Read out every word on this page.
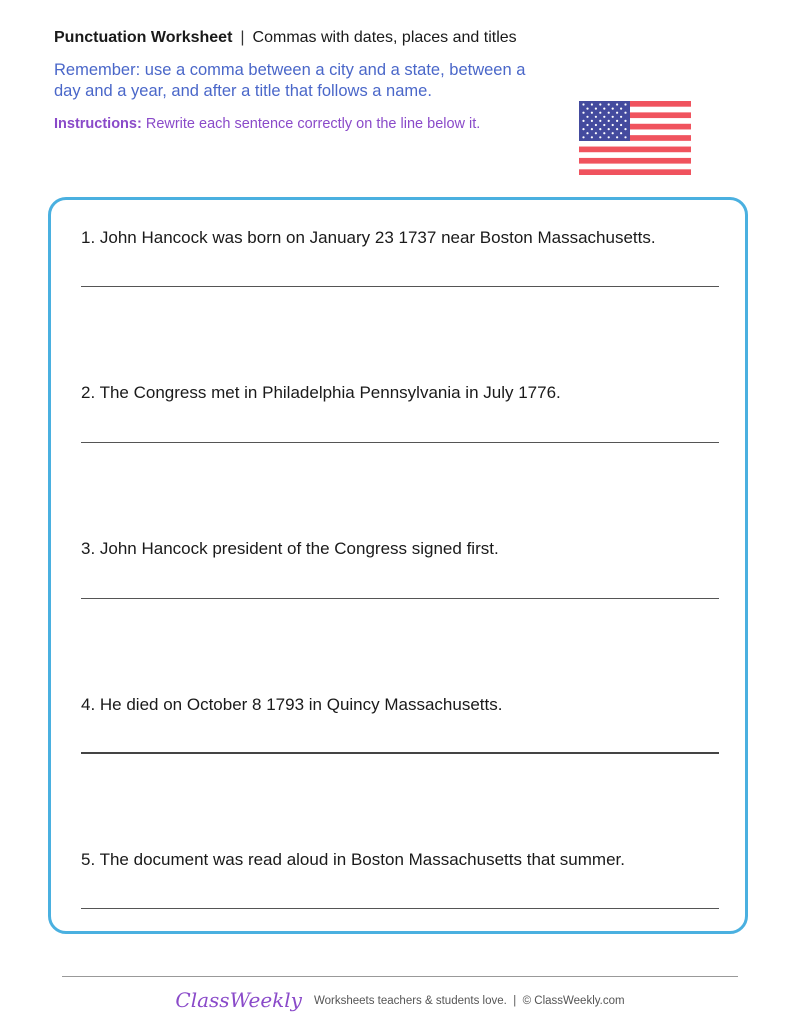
Punctuation Worksheet | Commas with dates, places and titles
Remember: use a comma between a city and a state, between a day and a year, and after a title that follows a name.
Instructions: Rewrite each sentence correctly on the line below it.
1. John Hancock was born on January 23 1737 near Boston Massachusetts.
2. The Congress met in Philadelphia Pennsylvania in July 1776.
3. John Hancock president of the Congress signed first.
4. He died on October 8 1793 in Quincy Massachusetts.
5. The document was read aloud in Boston Massachusetts that summer.
ClassWeekly Worksheets teachers & students love. | © ClassWeekly.com
